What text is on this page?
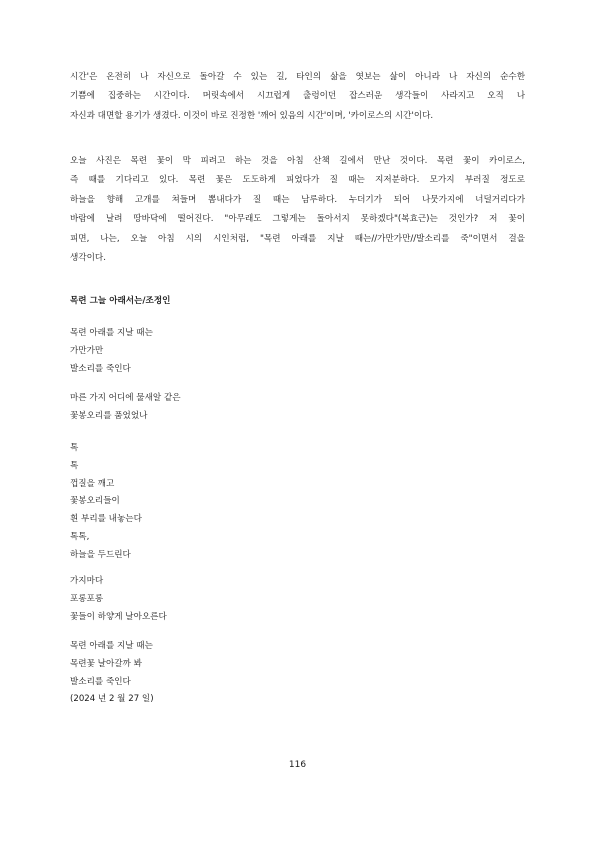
시간'은 온전히 나 자신으로 돌아갈 수 있는 길, 타인의 삶을 엿보는 삶이 아니라 나 자신의 순수한

기쁨에 집중하는 시간이다. 머릿속에서 시끄럽게 출렁이던 잡스러운 생각들이 사라지고 오직 나

자신과 대면할 용기가 생겼다. 이것이 바로 진정한 '깨어 있음의 시간'이며, '카이로스의 시간'이다.

오늘 사진은 목련 꽃이 막 피려고 하는 것을 아침 산책 길에서 만난 것이다. 목련 꽃이 카이로스,

즉 때를 기다리고 있다. 목련 꽃은 도도하게 피었다가 질 때는 지저분하다. 모가지 부러질 정도로

하늘을 향해 고개를 쳐들며 뽐내다가 질 때는 남루하다. 누더기가 되어 나뭇가지에 너덜거리다가

바람에 날려 땅바닥에 떨어진다. "아무래도 그렇게는 돌아서지 못하겠다"(복효근)는 것인가? 저 꽃이

피면, 나는, 오늘 아침 시의 시인처럼, "목련 아래를 지날 때는//가만가만//발소리를 죽"이면서 걸을

생각이다.

목련 그늘 아래서는/조정인
목련 아래를 지날 때는
가만가만
발소리를 죽인다
마른 가지 어디에 물새알 같은
꽃봉오리를 품었었나
톡
톡
껍질을 깨고
꽃봉오리들이
흰 부리를 내놓는다
톡톡,
하늘을 두드린다
가지마다
포롱포롱
꽃들이 하얗게 날아오른다
목련 아래를 지날 때는
목련꽃 날아갈까 봐
발소리를 죽인다
(2024 년 2 월 27 일)
116
